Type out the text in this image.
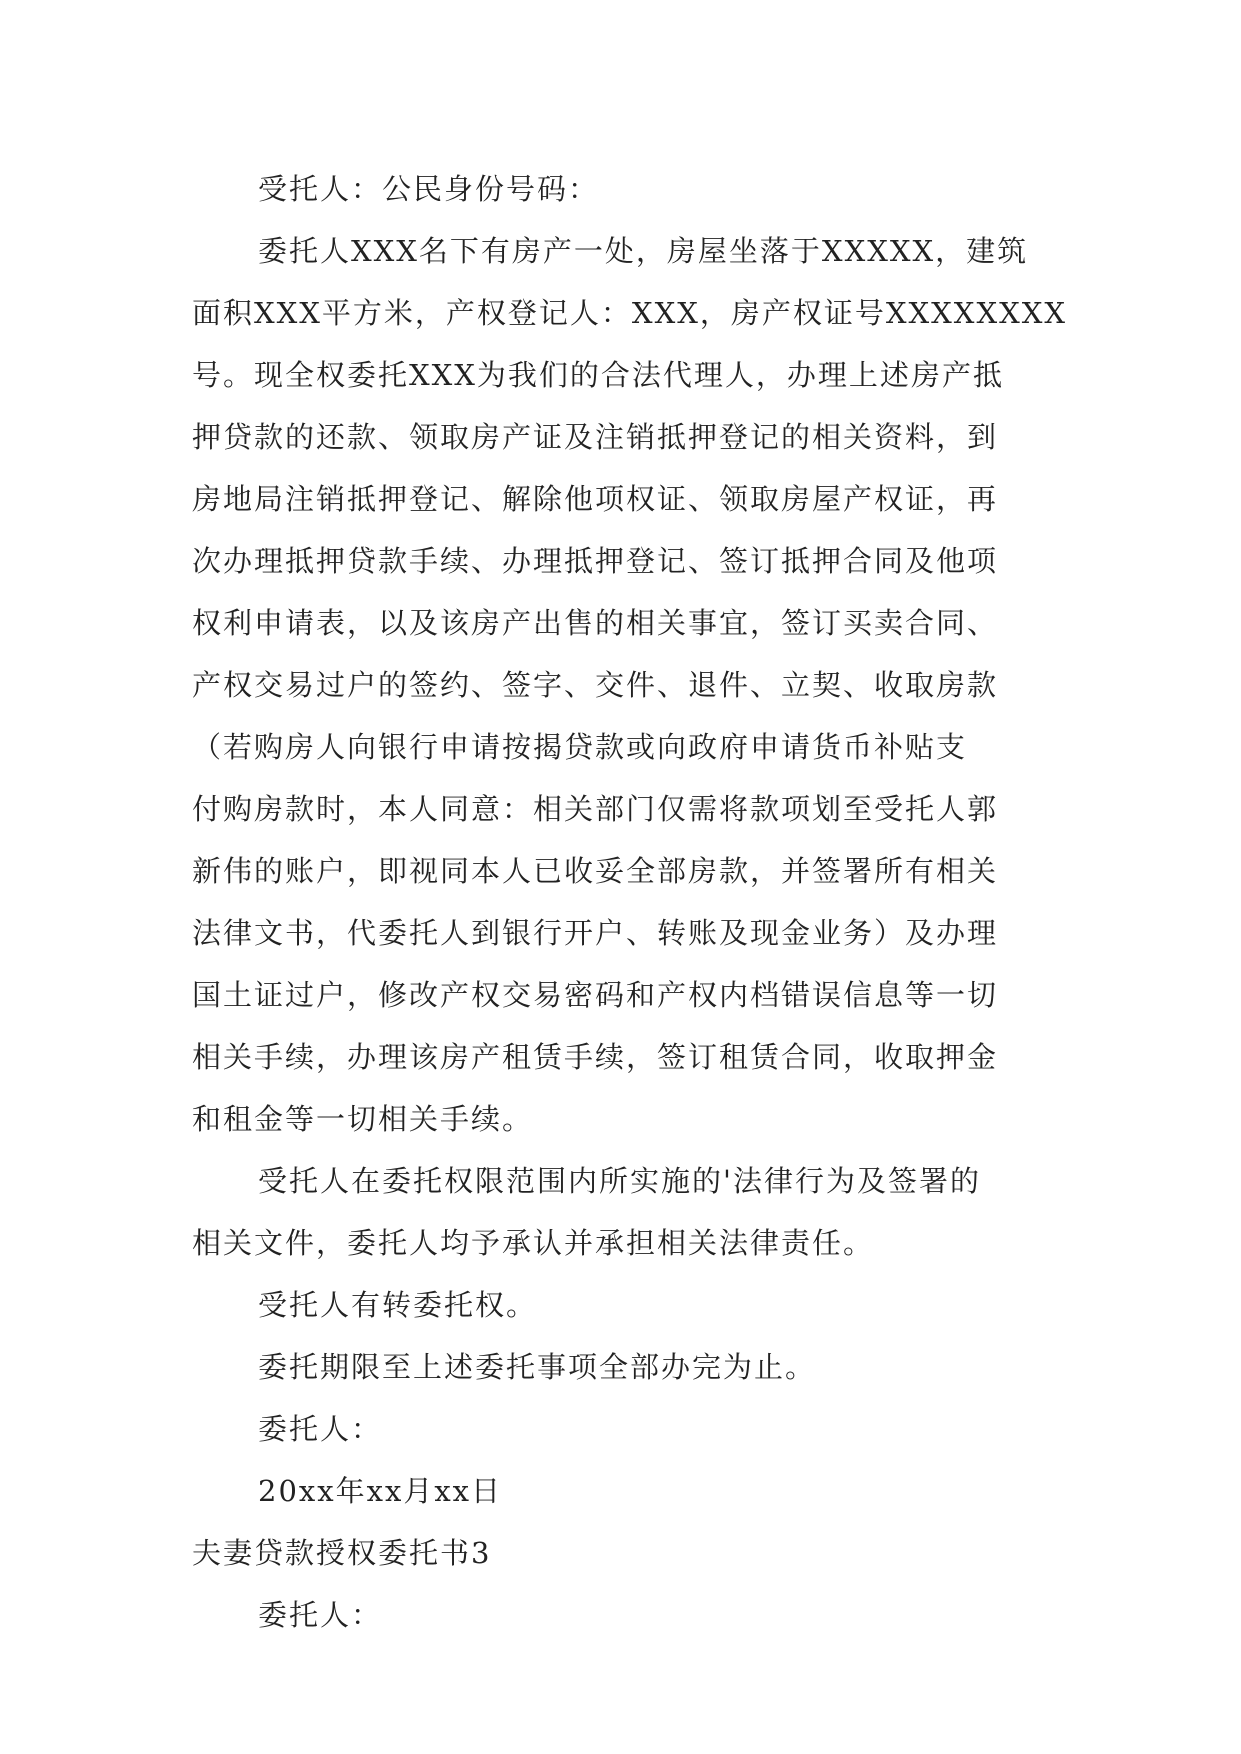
受托人：公民身份号码：
委托人XXX名下有房产一处，房屋坐落于XXXXX，建筑
面积XXX平方米，产权登记人：XXX，房产权证号XXXXXXXX
号。现全权委托XXX为我们的合法代理人，办理上述房产抵
押贷款的还款、领取房产证及注销抵押登记的相关资料，到
房地局注销抵押登记、解除他项权证、领取房屋产权证，再
次办理抵押贷款手续、办理抵押登记、签订抵押合同及他项
权利申请表，以及该房产出售的相关事宜，签订买卖合同、
产权交易过户的签约、签字、交件、退件、立契、收取房款
（若购房人向银行申请按揭贷款或向政府申请货币补贴支
付购房款时，本人同意：相关部门仅需将款项划至受托人郭
新伟的账户，即视同本人已收妥全部房款，并签署所有相关
法律文书，代委托人到银行开户、转账及现金业务）及办理
国土证过户，修改产权交易密码和产权内档错误信息等一切
相关手续，办理该房产租赁手续，签订租赁合同，收取押金
和租金等一切相关手续。
受托人在委托权限范围内所实施的'法律行为及签署的
相关文件，委托人均予承认并承担相关法律责任。
受托人有转委托权。
委托期限至上述委托事项全部办完为止。
委托人：
20xx年xx月xx日
夫妻贷款授权委托书3
委托人：
